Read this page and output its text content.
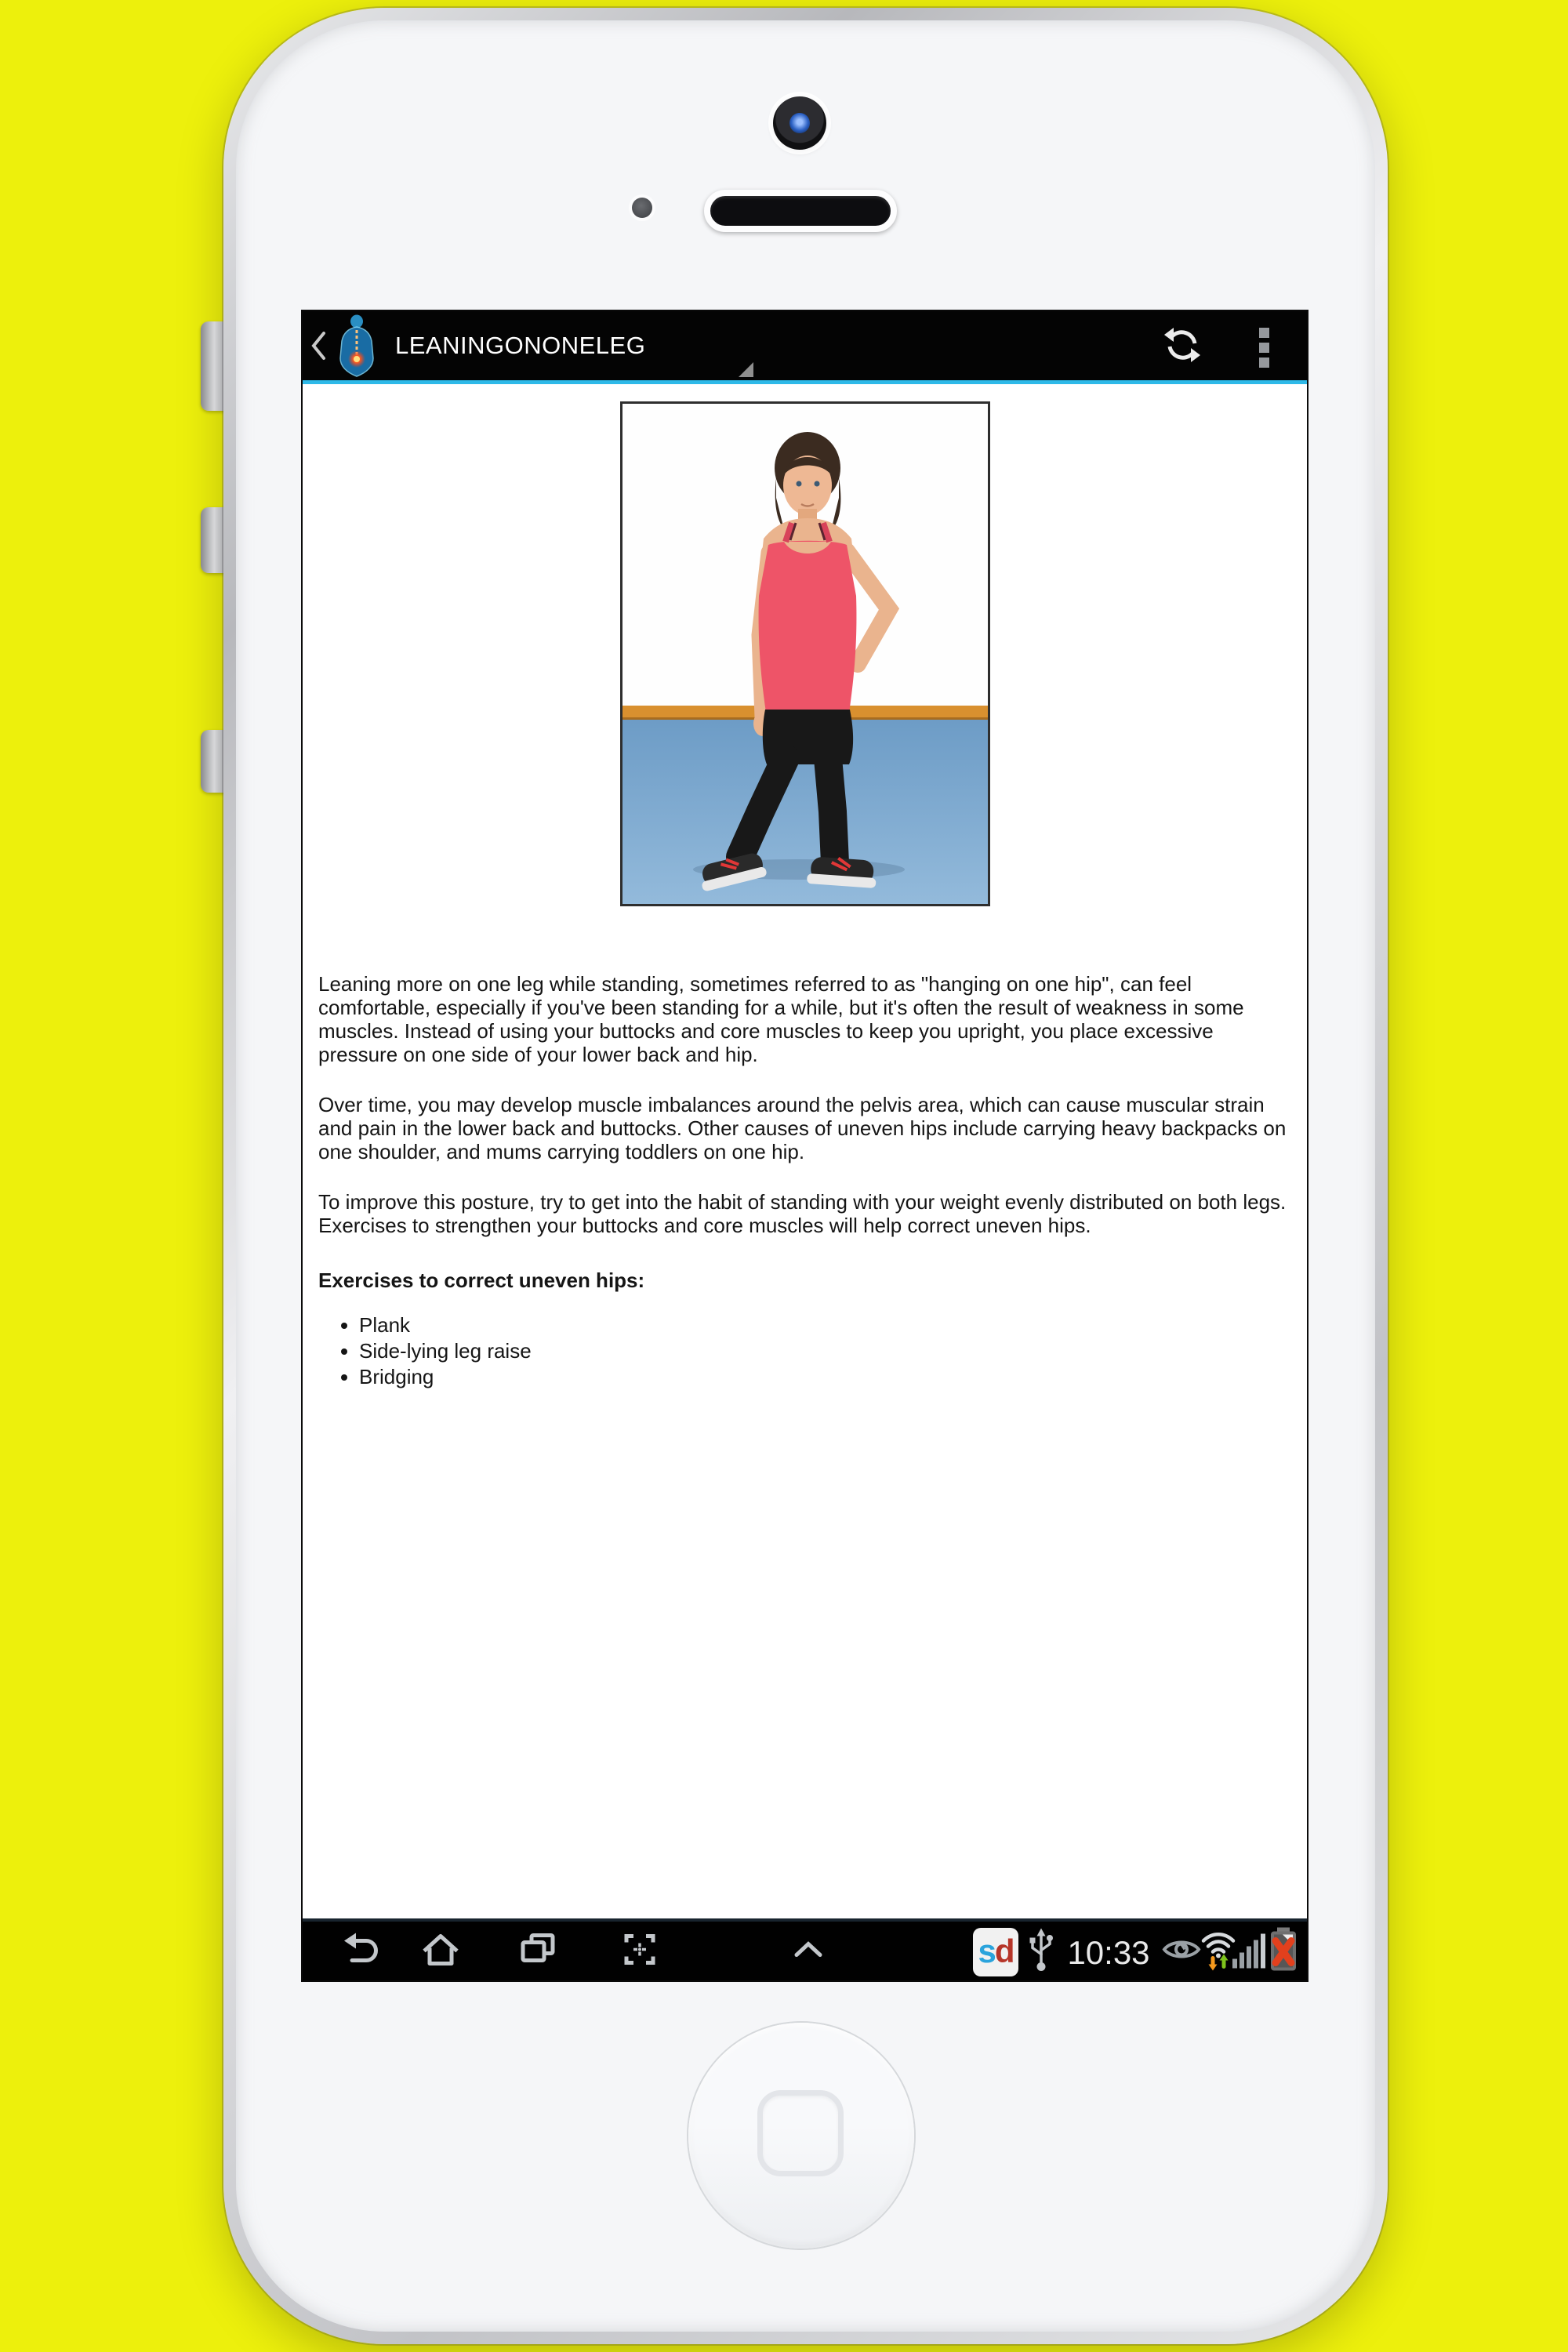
LEANINGONONELEG

Leaning more on one leg while standing, sometimes referred to as "hanging on one hip", can feel comfortable, especially if you've been standing for a while, but it's often the result of weakness in some muscles. Instead of using your buttocks and core muscles to keep you upright, you place excessive pressure on one side of your lower back and hip.

Over time, you may develop muscle imbalances around the pelvis area, which can cause muscular strain and pain in the lower back and buttocks. Other causes of uneven hips include carrying heavy backpacks on one shoulder, and mums carrying toddlers on one hip.

To improve this posture, try to get into the habit of standing with your weight evenly distributed on both legs. Exercises to strengthen your buttocks and core muscles will help correct uneven hips.

Exercises to correct uneven hips:
• Plank
• Side-lying leg raise
• Bridging
sd 10:33
